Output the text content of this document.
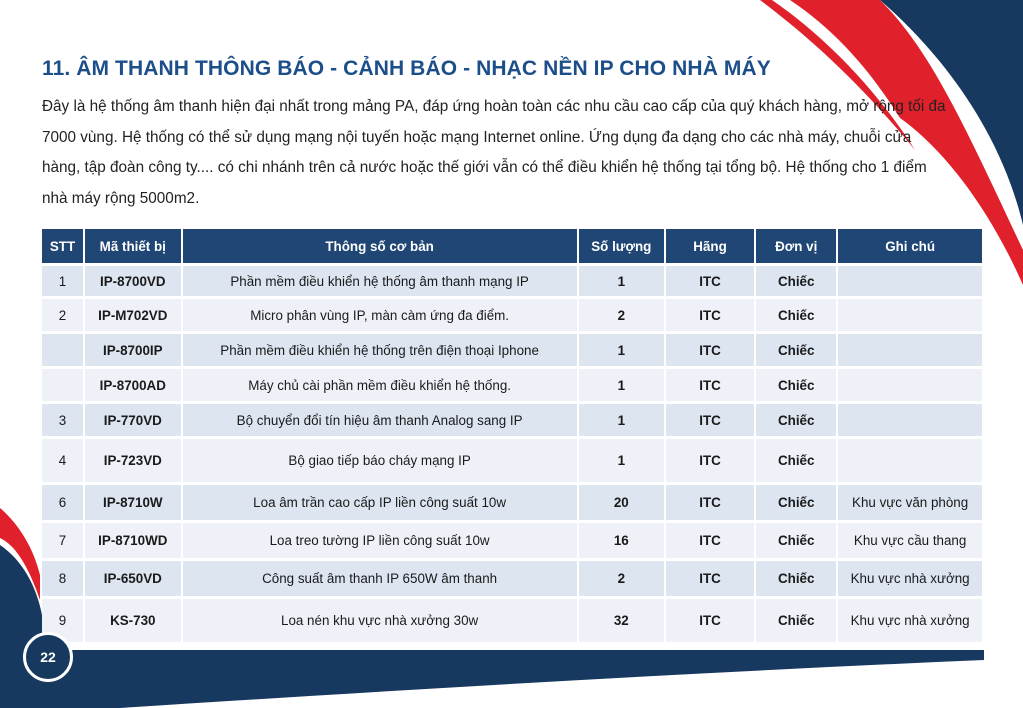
11. ÂM THANH THÔNG BÁO - CẢNH BÁO - NHẠC NỀN IP CHO NHÀ MÁY

Đây là hệ thống âm thanh hiện đại nhất trong mảng PA, đáp ứng hoàn toàn các nhu cầu cao cấp của quý khách hàng, mở rộng tối đa 7000 vùng. Hệ thống có thể sử dụng mạng nội tuyến hoặc mạng Internet online. Ứng dụng đa dạng cho các nhà máy, chuỗi cửa hàng, tập đoàn công ty.... có chi nhánh trên cả nước hoặc thế giới vẫn có thể điều khiển hệ thống tại tổng bộ. Hệ thống cho 1 điểm nhà máy rộng 5000m2.

STT	Mã thiết bị	Thông số cơ bản	Số lượng	Hãng	Đơn vị	Ghi chú
1	IP-8700VD	Phần mềm điều khiển hệ thống âm thanh mạng IP	1	ITC	Chiếc	
2	IP-M702VD	Micro phân vùng IP, màn càm ứng đa điểm.	2	ITC	Chiếc	
	IP-8700IP	Phần mềm điều khiển hệ thống trên điện thoại Iphone	1	ITC	Chiếc	
	IP-8700AD	Máy chủ cài phần mềm điều khiển hệ thống.	1	ITC	Chiếc	
3	IP-770VD	Bộ chuyển đổi tín hiệu âm thanh Analog sang IP	1	ITC	Chiếc	
4	IP-723VD	Bộ giao tiếp báo cháy mạng IP	1	ITC	Chiếc	
6	IP-8710W	Loa âm trần cao cấp IP liền công suất 10w	20	ITC	Chiếc	Khu vực văn phòng
7	IP-8710WD	Loa treo tường IP liền công suất 10w	16	ITC	Chiếc	Khu vực cầu thang
8	IP-650VD	Công suất âm thanh IP 650W âm thanh	2	ITC	Chiếc	Khu vực nhà xưởng
9	KS-730	Loa nén khu vực nhà xưởng 30w	32	ITC	Chiếc	Khu vực nhà xưởng
22
